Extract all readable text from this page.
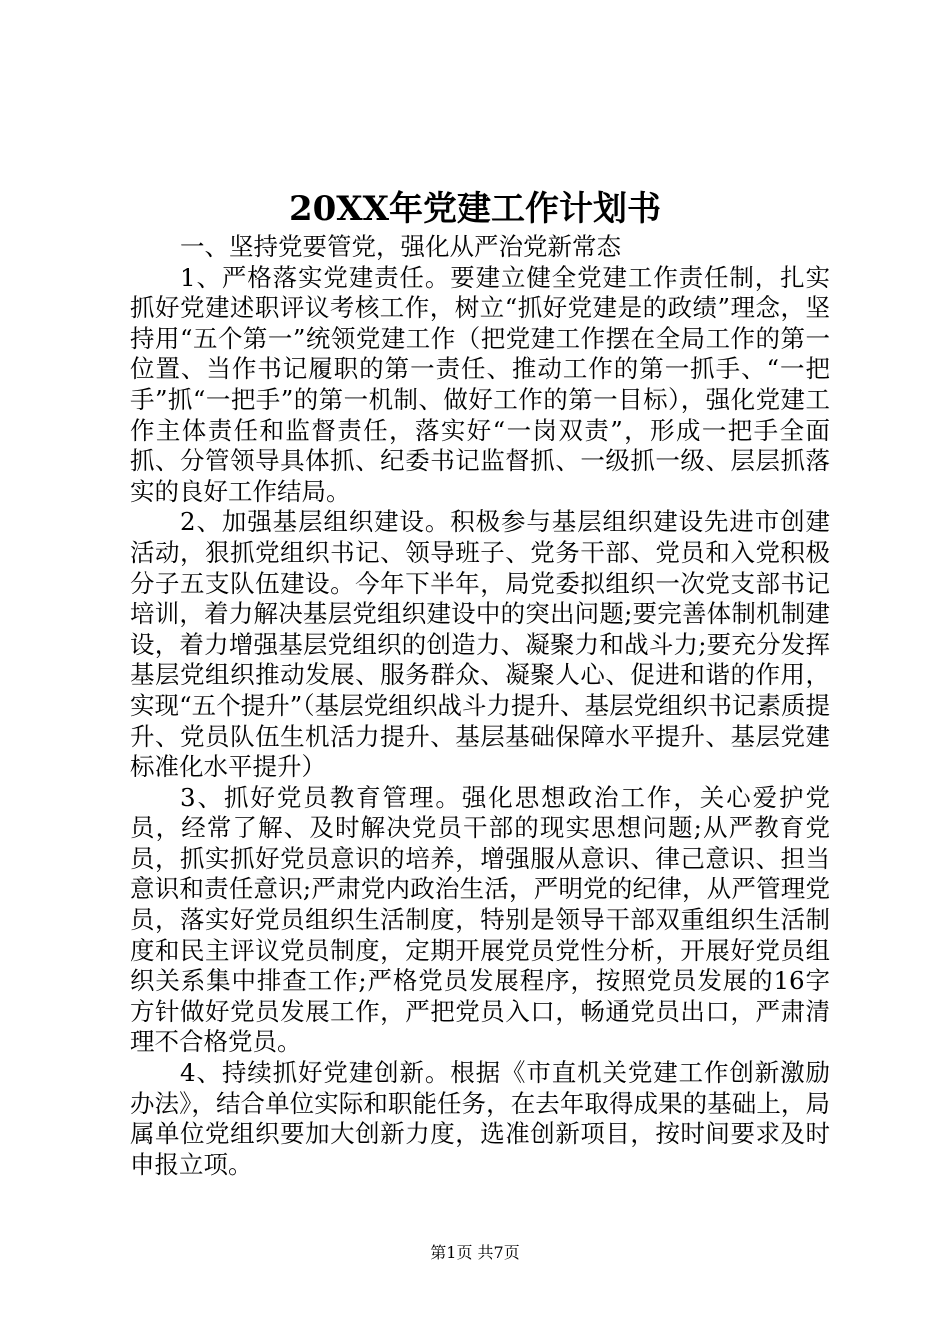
20XX年党建工作计划书

一、坚持党要管党，强化从严治党新常态

1、严格落实党建责任。要建立健全党建工作责任制，扎实抓好党建述职评议考核工作，树立“抓好党建是的政绩”理念，坚持用“五个第一”统领党建工作（把党建工作摆在全局工作的第一位置、当作书记履职的第一责任、推动工作的第一抓手、“一把手”抓“一把手”的第一机制、做好工作的第一目标），强化党建工作主体责任和监督责任，落实好“一岗双责”，形成一把手全面抓、分管领导具体抓、纪委书记监督抓、一级抓一级、层层抓落实的良好工作结局。

2、加强基层组织建设。积极参与基层组织建设先进市创建活动，狠抓党组织书记、领导班子、党务干部、党员和入党积极分子五支队伍建设。今年下半年，局党委拟组织一次党支部书记培训，着力解决基层党组织建设中的突出问题;要完善体制机制建设，着力增强基层党组织的创造力、凝聚力和战斗力;要充分发挥基层党组织推动发展、服务群众、凝聚人心、促进和谐的作用，实现“五个提升”（基层党组织战斗力提升、基层党组织书记素质提升、党员队伍生机活力提升、基层基础保障水平提升、基层党建标准化水平提升）

3、抓好党员教育管理。强化思想政治工作，关心爱护党员，经常了解、及时解决党员干部的现实思想问题;从严教育党员，抓实抓好党员意识的培养，增强服从意识、律己意识、担当意识和责任意识;严肃党内政治生活，严明党的纪律，从严管理党员，落实好党员组织生活制度，特别是领导干部双重组织生活制度和民主评议党员制度，定期开展党员党性分析，开展好党员组织关系集中排查工作;严格党员发展程序，按照党员发展的16字方针做好党员发展工作，严把党员入口，畅通党员出口，严肃清理不合格党员。

4、持续抓好党建创新。根据《市直机关党建工作创新激励办法》，结合单位实际和职能任务，在去年取得成果的基础上，局属单位党组织要加大创新力度，选准创新项目，按时间要求及时申报立项。

第1页 共7页
